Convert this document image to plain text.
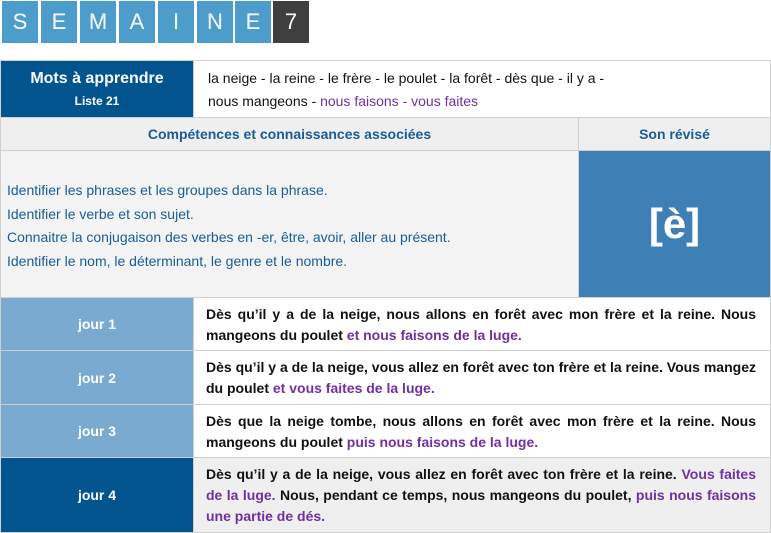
S	E	M	A	I	N	E	7
Mots à apprendre
Liste 21
la neige - la reine - le frère - le poulet - la forêt - dès que - il y a -
nous mangeons - nous faisons - vous faites
Compétences et connaissances associées	Son révisé
Identifier les phrases et les groupes dans la phrase.
Identifier le verbe et son sujet.
Connaitre la conjugaison des verbes en -er, être, avoir, aller au présent.
Identifier le nom, le déterminant, le genre et le nombre.
[è]
jour 1
Dès qu’il y a de la neige, nous allons en forêt avec mon frère et la reine. Nous mangeons du poulet et nous faisons de la luge.
jour 2
Dès qu’il y a de la neige, vous allez en forêt avec ton frère et la reine. Vous mangez du poulet et vous faites de la luge.
jour 3
Dès que la neige tombe, nous allons en forêt avec mon frère et la reine. Nous mangeons du poulet puis nous faisons de la luge.
jour 4
Dès qu’il y a de la neige, vous allez en forêt avec ton frère et la reine. Vous faites de la luge. Nous, pendant ce temps, nous mangeons du poulet, puis nous faisons une partie de dés.
